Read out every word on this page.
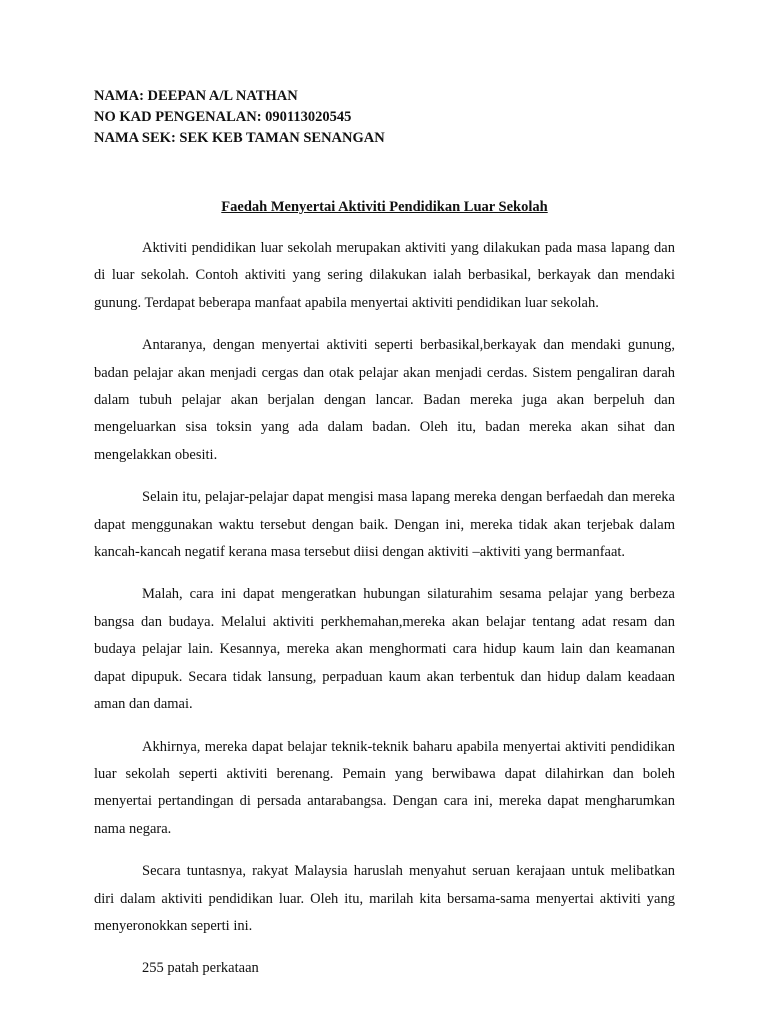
NAMA: DEEPAN A/L NATHAN
NO KAD PENGENALAN: 090113020545
NAMA SEK: SEK KEB TAMAN SENANGAN
Faedah Menyertai Aktiviti Pendidikan Luar Sekolah

Aktiviti pendidikan luar sekolah merupakan aktiviti yang dilakukan pada masa lapang dan di luar sekolah. Contoh aktiviti yang sering dilakukan ialah berbasikal, berkayak dan mendaki gunung. Terdapat beberapa manfaat apabila menyertai aktiviti pendidikan luar sekolah.

Antaranya, dengan menyertai aktiviti seperti berbasikal,berkayak dan mendaki gunung, badan pelajar akan menjadi cergas dan otak pelajar akan menjadi cerdas. Sistem pengaliran darah dalam tubuh pelajar akan berjalan dengan lancar. Badan mereka juga akan berpeluh dan mengeluarkan sisa toksin yang ada dalam badan. Oleh itu, badan mereka akan sihat dan mengelakkan obesiti.

Selain itu, pelajar-pelajar dapat mengisi masa lapang mereka dengan berfaedah dan mereka dapat menggunakan waktu tersebut dengan baik. Dengan ini, mereka tidak akan terjebak dalam kancah-kancah negatif kerana masa tersebut diisi dengan aktiviti –aktiviti yang bermanfaat.

Malah, cara ini dapat mengeratkan hubungan silaturahim sesama pelajar yang berbeza bangsa dan budaya. Melalui aktiviti perkhemahan,mereka akan belajar tentang adat resam dan budaya pelajar lain. Kesannya, mereka akan menghormati cara hidup kaum lain dan keamanan dapat dipupuk. Secara tidak lansung, perpaduan kaum akan terbentuk dan hidup dalam keadaan aman dan damai.

Akhirnya, mereka dapat belajar teknik-teknik baharu apabila menyertai aktiviti pendidikan luar sekolah seperti aktiviti berenang. Pemain yang berwibawa dapat dilahirkan dan boleh menyertai pertandingan di persada antarabangsa. Dengan cara ini, mereka dapat mengharumkan nama negara.

Secara tuntasnya, rakyat Malaysia haruslah menyahut seruan kerajaan untuk melibatkan diri dalam aktiviti pendidikan luar. Oleh itu, marilah kita bersama-sama menyertai aktiviti yang menyeronokkan seperti ini.

255 patah perkataan
